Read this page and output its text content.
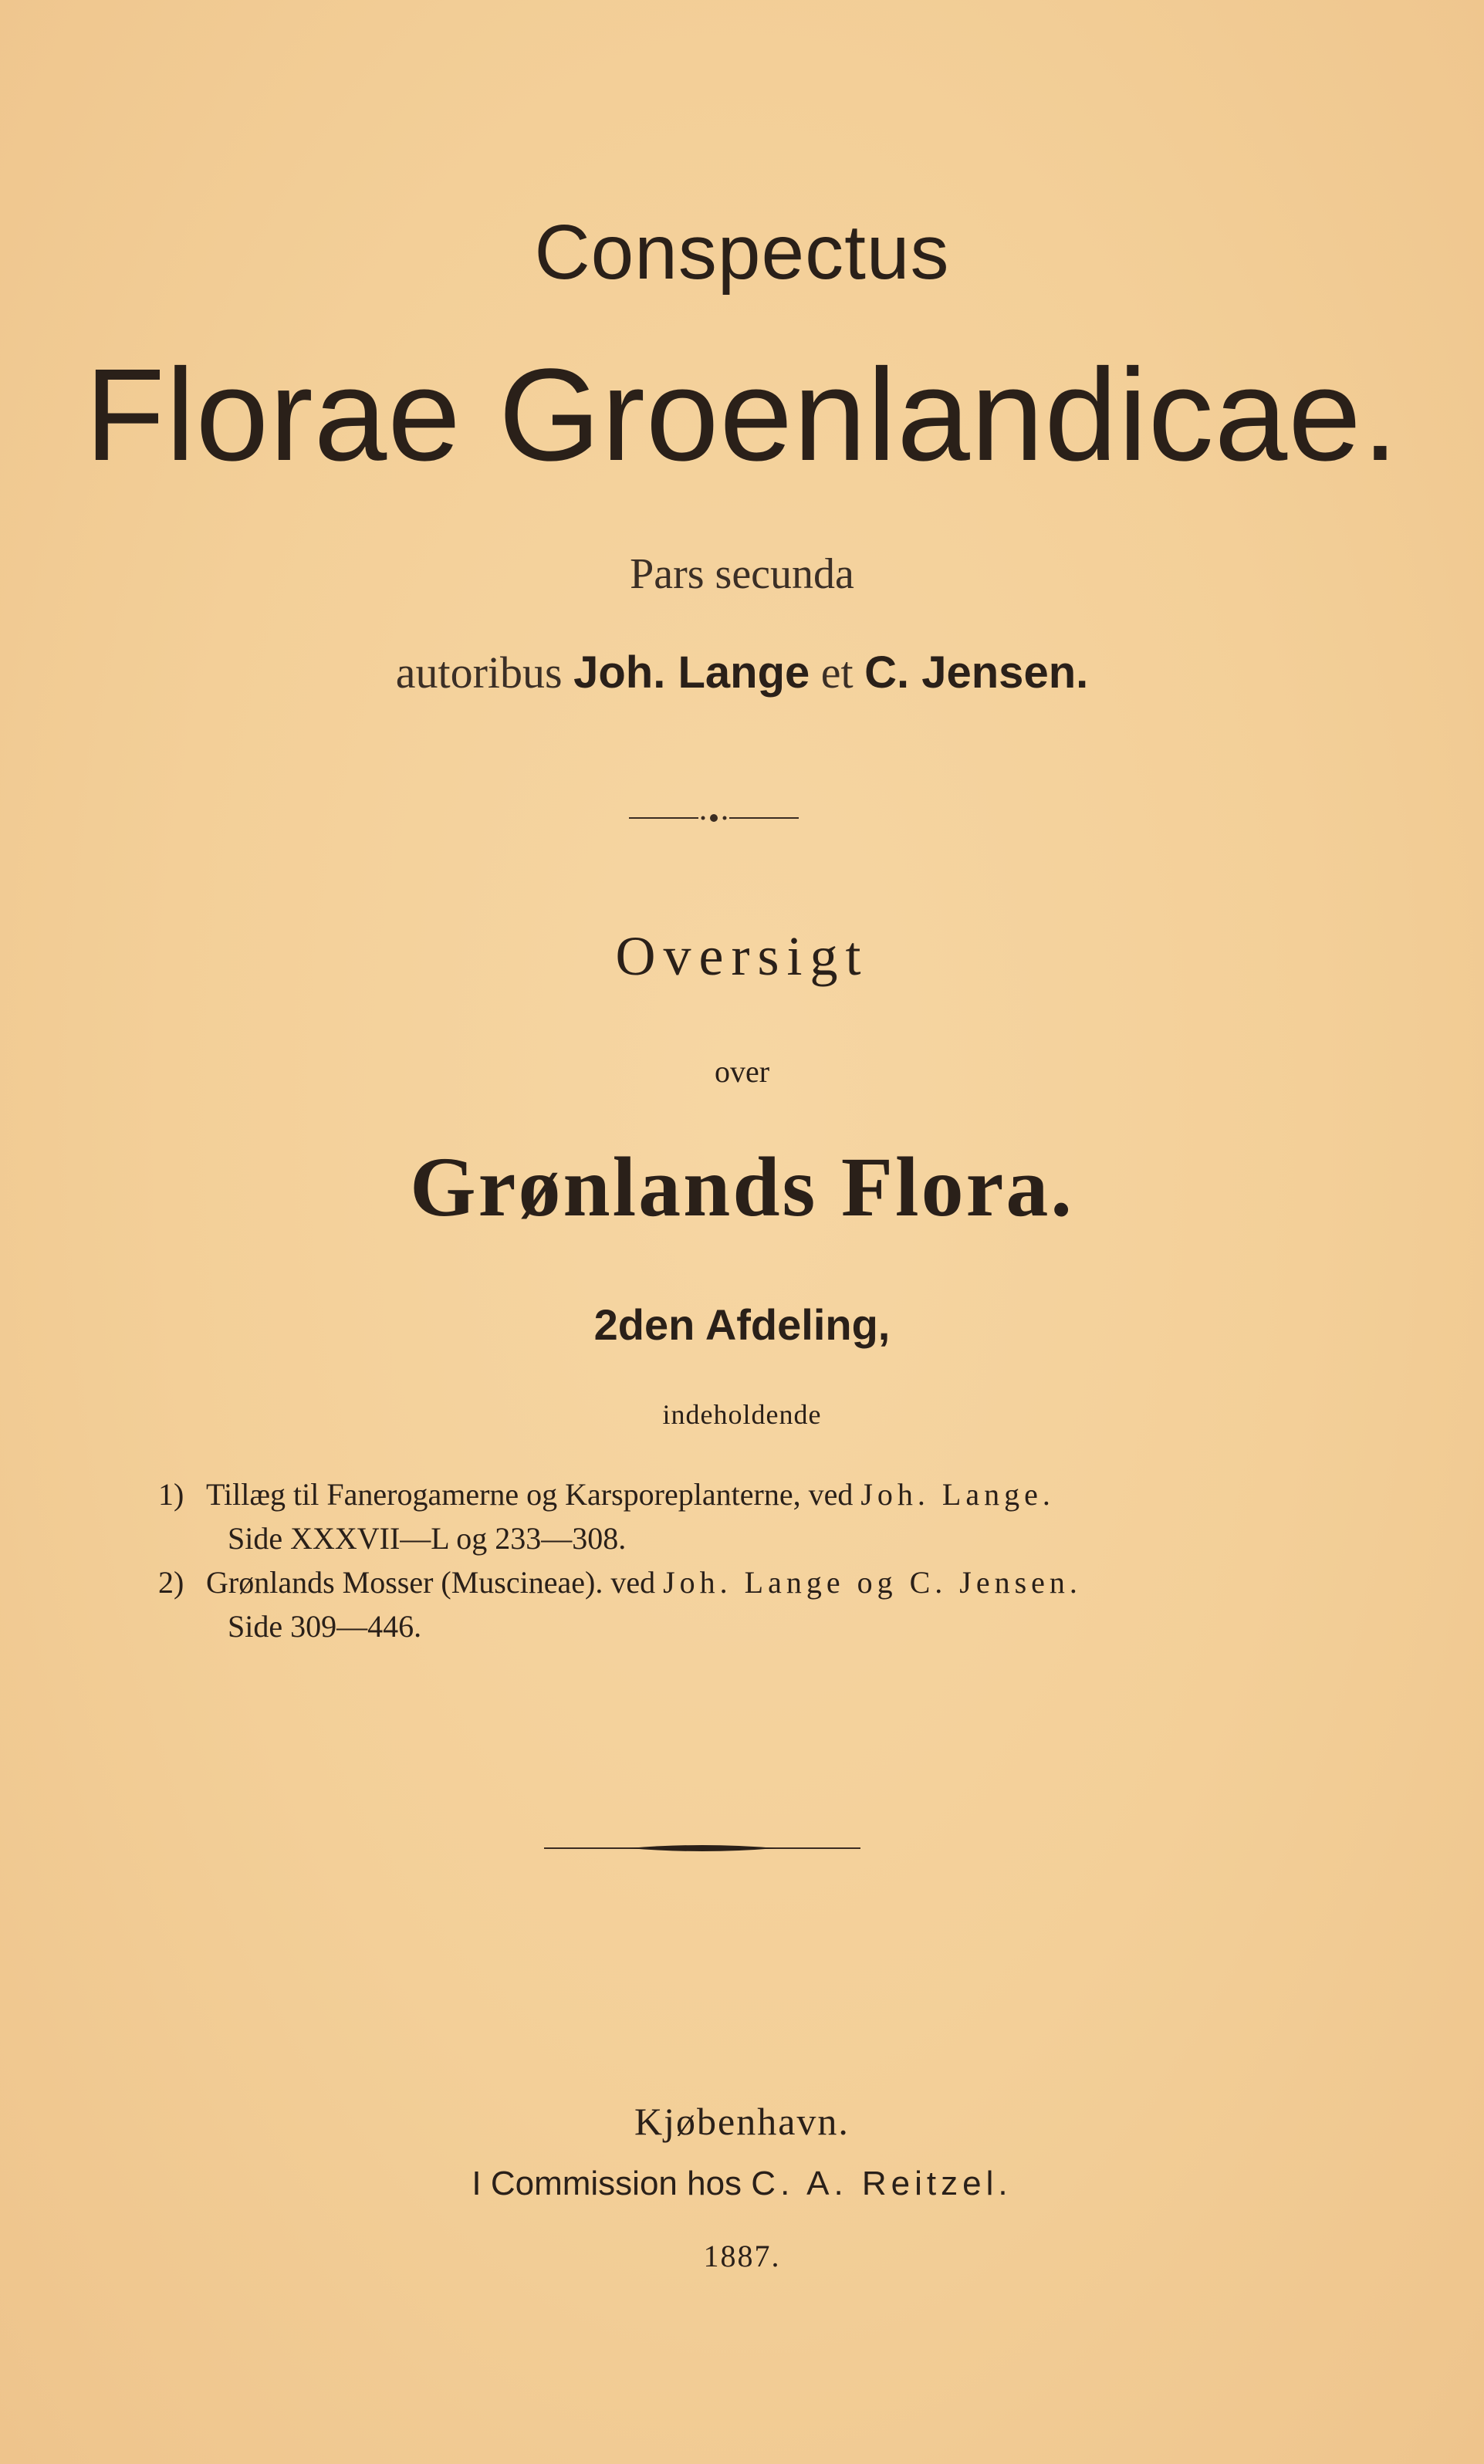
Conspectus
Florae Groenlandicae.
Pars secunda
autoribus Joh. Lange et C. Jensen.
Oversigt
over
Grønlands Flora.
2den Afdeling,
indeholdende
1) Tillæg til Fanerogamerne og Karsporeplanterne, ved Joh. Lange.
Side XXXVII—L og 233—308.
2) Grønlands Mosser (Muscineae). ved Joh. Lange og C. Jensen.
Side 309—446.
Kjøbenhavn.
I Commission hos C. A. Reitzel.
1887.
